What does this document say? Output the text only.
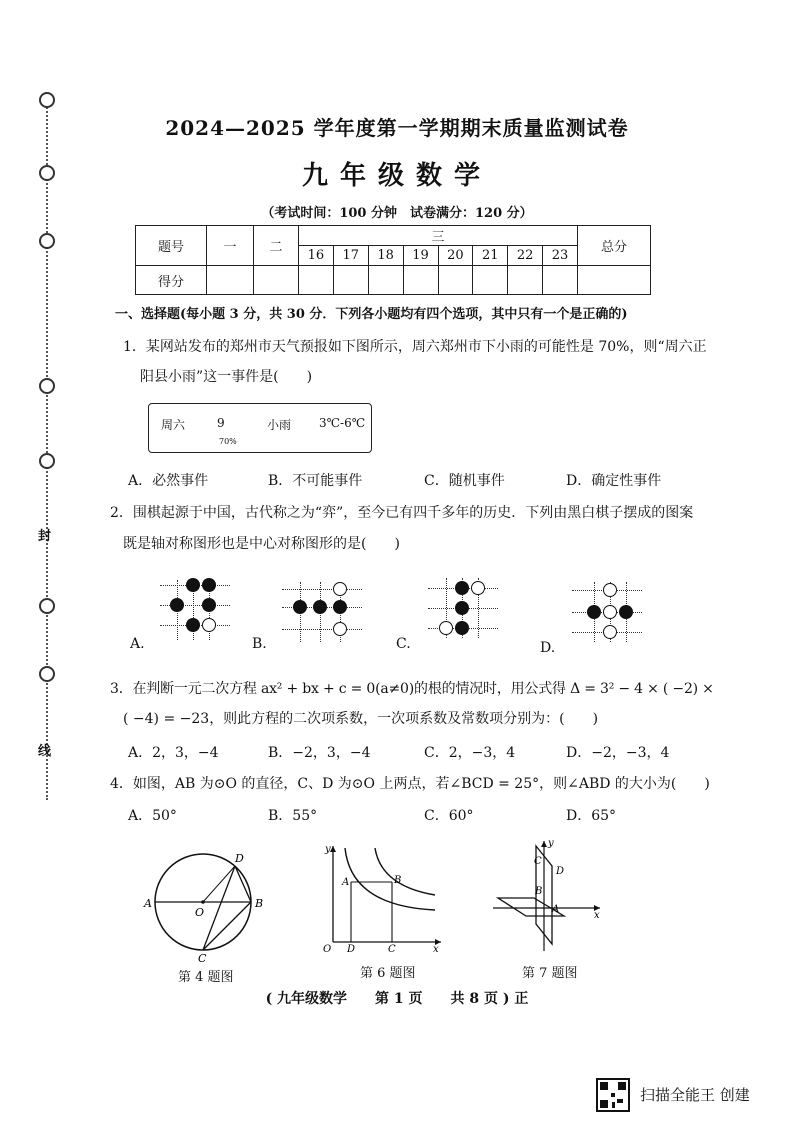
封
线
2024—2025 学年度第一学期期末质量监测试卷
九年级数学
（考试时间：100 分钟　试卷满分：120 分）
题号	一	二	三								总分
			16	17	18	19	20	21	22	23	
得分											
一、选择题(每小题 3 分，共 30 分．下列各小题均有四个选项，其中只有一个是正确的)
1．某网站发布的郑州市天气预报如下图所示，周六郑州市下小雨的可能性是 70%，则“周六正
阳县小雨”这一事件是(　　)
周六	9
70%
小雨 3℃-6℃
A．必然事件	B．不可能事件	C．随机事件	D．确定性事件
2．围棋起源于中国，古代称之为“弈”，至今已有四千多年的历史．下列由黑白棋子摆成的图案
既是轴对称图形也是中心对称图形的是(　　)
A.	B.	C.	D.
3．在判断一元二次方程 ax² + bx + c = 0(a≠0)的根的情况时，用公式得 Δ = 3² − 4 × ( −2) ×
( −4) = −23，则此方程的二次项系数，一次项系数及常数项分别为：(　　)
A．2，3，−4	B．−2，3，−4	C．2，−3，4	D．−2，−3，4
4．如图，AB 为⊙O 的直径，C、D 为⊙O 上两点，若∠BCD = 25°，则∠ABD 的大小为(　　)
A．50°	B．55°	C．60°	D．65°
A	B
C
D
O
第 4 题图
y
x
O
A	B
C
D
第 6 题图
y
x
A
B
C
D
第 7 题图
( 九年级数学　　第 1 页　　共 8 页 ) 正
扫描全能王 创建
